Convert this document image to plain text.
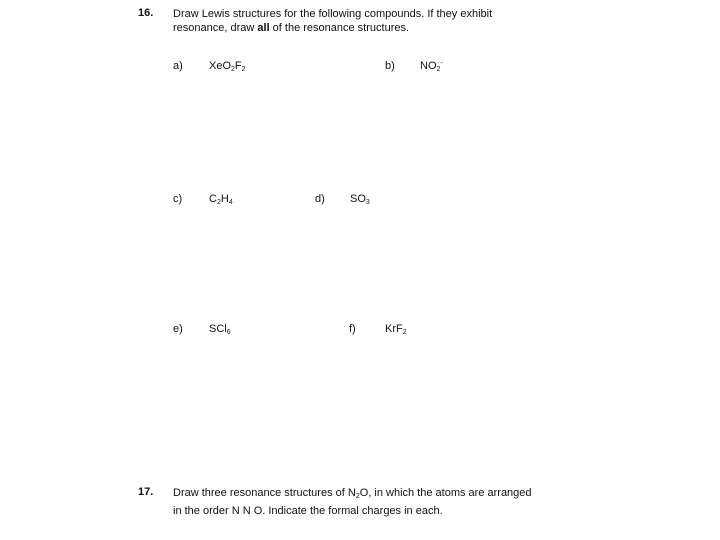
16. Draw Lewis structures for the following compounds. If they exhibit
resonance, draw all of the resonance structures.
a) $XeO_2F_2$	b) $NO_2^-$
c) $C_2H_4$	d) $SO_3$
e) SCl$_6$	f)	KrF$_2$
17. Draw three resonance structures of $N_2O$, in which the atoms are arranged
in the order N N O. Indicate the formal charges in each.
